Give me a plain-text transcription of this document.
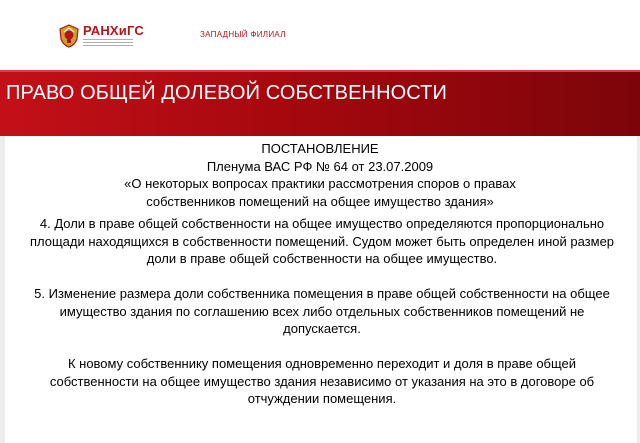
РАНХиГС	ЗАПАДНЫЙ ФИЛИАЛ
ПРАВО ОБЩЕЙ ДОЛЕВОЙ СОБСТВЕННОСТИ
ПОСТАНОВЛЕНИЕ
Пленума ВАС РФ № 64 от 23.07.2009
«О некоторых вопросах практики рассмотрения споров о правах
собственников помещений на общее имущество здания»

4. Доли в праве общей собственности на общее имущество определяются пропорционально площади находящихся в собственности помещений. Судом может быть определен иной размер доли в праве общей собственности на общее имущество.

5. Изменение размера доли собственника помещения в праве общей собственности на общее имущество здания по соглашению всех либо отдельных собственников помещений не допускается.

К новому собственнику помещения одновременно переходит и доля в праве общей собственности на общее имущество здания независимо от указания на это в договоре об отчуждении помещения.
